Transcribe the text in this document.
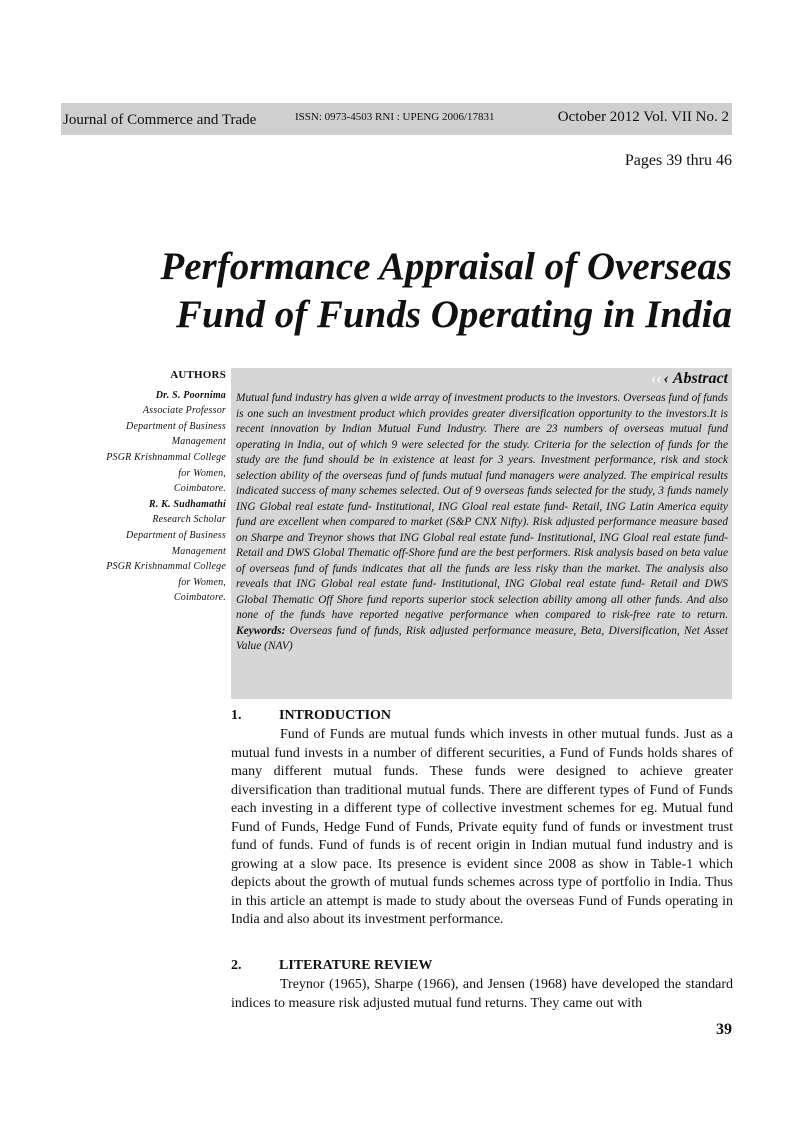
Journal of Commerce and Trade	ISSN: 0973-4503 RNI : UPENG 2006/17831	October 2012 Vol. VII No. 2
Pages 39 thru 46
Performance Appraisal of Overseas
Fund of Funds Operating in India
AUTHORS
Dr. S. Poornima
Associate Professor
Department of Business
Management
PSGR Krishnammal College
for Women,
Coimbatore.
R. K. Sudhamathi
Research Scholar
Department of Business
Management
PSGR Krishnammal College
for Women,
Coimbatore.
‹‹ ‹ Abstract
Mutual fund industry has given a wide array of investment products to the investors. Overseas fund of funds is one such an investment product which provides greater diversification opportunity to the investors.It is recent innovation by Indian Mutual Fund Industry. There are 23 numbers of overseas mutual fund operating in India, out of which 9 were selected for the study. Criteria for the selection of funds for the study are the fund should be in existence at least for 3 years. Investment performance, risk and stock selection ability of the overseas fund of funds mutual fund managers were analyzed. The empirical results indicated success of many schemes selected. Out of 9 overseas funds selected for the study, 3 funds namely ING Global real estate fund- Institutional, ING Gloal real estate fund- Retail, ING Latin America equity fund are excellent when compared to market (S&P CNX Nifty). Risk adjusted performance measure based on Sharpe and Treynor shows that ING Global real estate fund- Institutional, ING Gloal real estate fund- Retail and DWS Global Thematic off-Shore fund are the best performers. Risk analysis based on beta value of overseas fund of funds indicates that all the funds are less risky than the market. The analysis also reveals that ING Global real estate fund- Institutional, ING Global real estate fund- Retail and DWS Global Thematic Off Shore fund reports superior stock selection ability among all other funds. And also none of the funds have reported negative performance when compared to risk-free rate to return. Keywords: Overseas fund of funds, Risk adjusted performance measure, Beta, Diversification, Net Asset Value (NAV)
1.	INTRODUCTION
Fund of Funds are mutual funds which invests in other mutual funds. Just as a mutual fund invests in a number of different securities, a Fund of Funds holds shares of many different mutual funds. These funds were designed to achieve greater diversification than traditional mutual funds. There are different types of Fund of Funds each investing in a different type of collective investment schemes for eg. Mutual fund Fund of Funds, Hedge Fund of Funds, Private equity fund of funds or investment trust fund of funds. Fund of funds is of recent origin in Indian mutual fund industry and is growing at a slow pace. Its presence is evident since 2008 as show in Table-1 which depicts about the growth of mutual funds schemes across type of portfolio in India. Thus in this article an attempt is made to study about the overseas Fund of Funds operating in India and also about its investment performance.
2.	LITERATURE REVIEW
Treynor (1965), Sharpe (1966), and Jensen (1968) have developed the standard indices to measure risk adjusted mutual fund returns. They came out with
39
